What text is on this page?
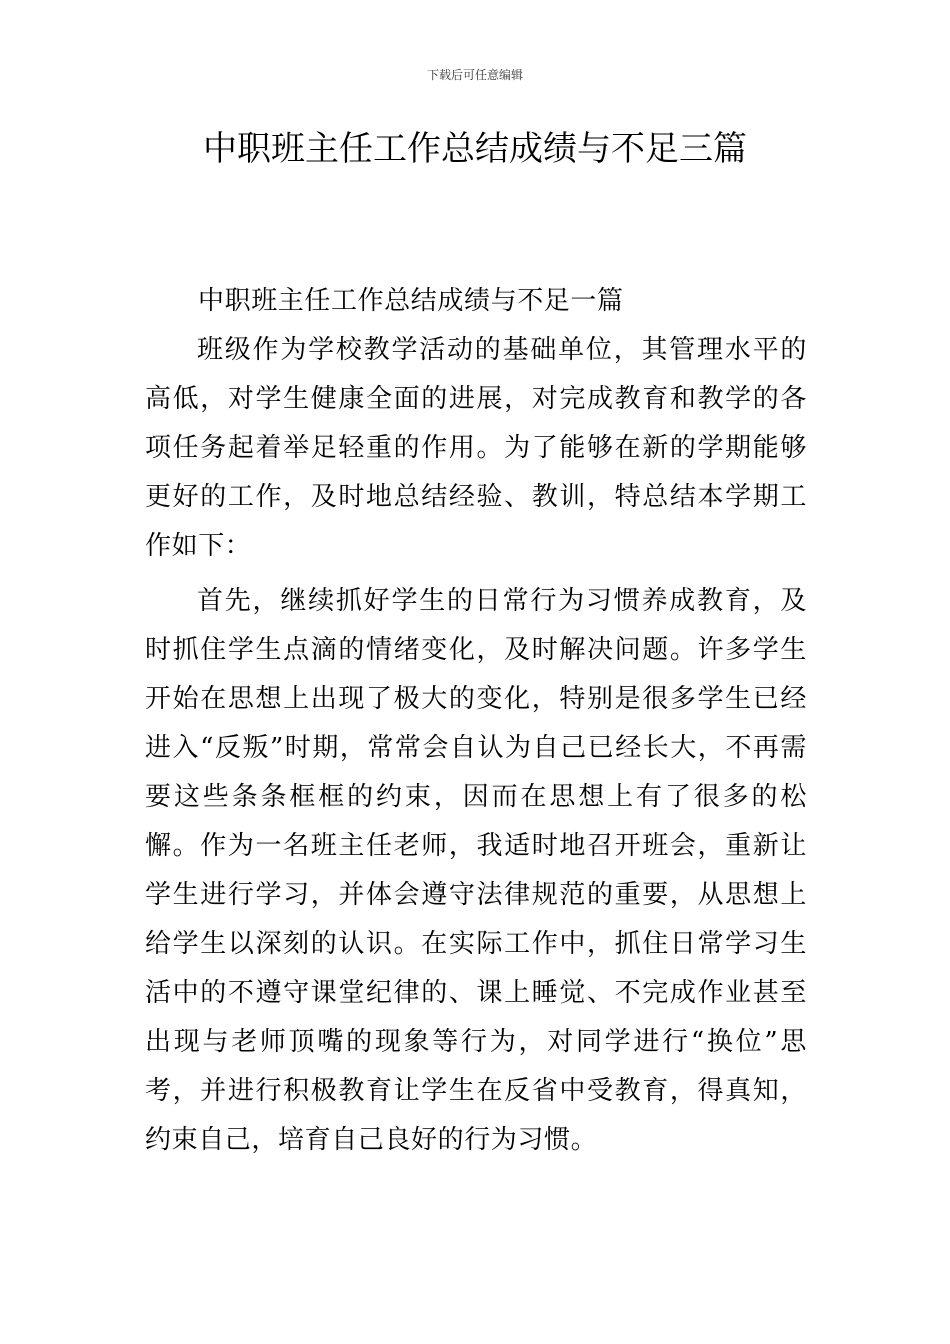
下载后可任意编辑
中职班主任工作总结成绩与不足三篇
中职班主任工作总结成绩与不足一篇

班级作为学校教学活动的基础单位，其管理水平的高低，对学生健康全面的进展，对完成教育和教学的各项任务起着举足轻重的作用。为了能够在新的学期能够更好的工作，及时地总结经验、教训，特总结本学期工作如下：

首先，继续抓好学生的日常行为习惯养成教育，及时抓住学生点滴的情绪变化，及时解决问题。许多学生开始在思想上出现了极大的变化，特别是很多学生已经进入“反叛”时期，常常会自认为自己已经长大，不再需要这些条条框框的约束，因而在思想上有了很多的松懈。作为一名班主任老师，我适时地召开班会，重新让学生进行学习，并体会遵守法律规范的重要，从思想上给学生以深刻的认识。在实际工作中，抓住日常学习生活中的不遵守课堂纪律的、课上睡觉、不完成作业甚至出现与老师顶嘴的现象等行为，对同学进行“换位”思考，并进行积极教育让学生在反省中受教育，得真知，约束自己，培育自己良好的行为习惯。
